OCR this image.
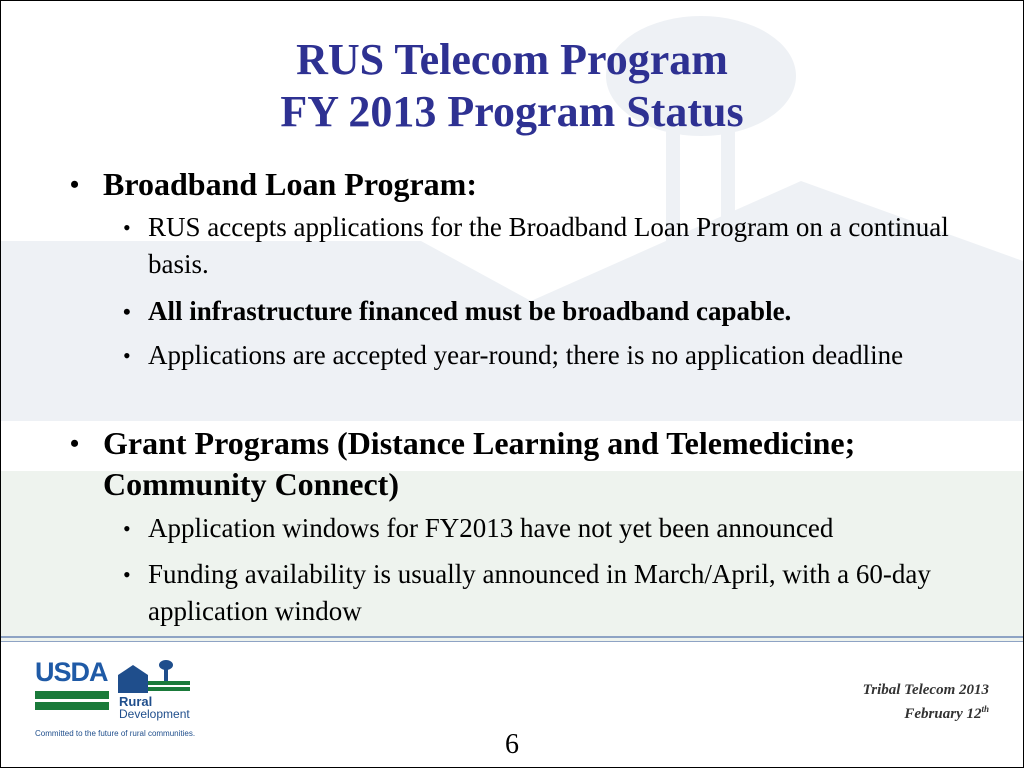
RUS Telecom Program
FY 2013 Program Status
• Broadband Loan Program:
• RUS accepts applications for the Broadband Loan Program on a continual basis.
• All infrastructure financed must be broadband capable.
• Applications are accepted year-round; there is no application deadline
• Grant Programs (Distance Learning and Telemedicine; Community Connect)
• Application windows for FY2013 have not yet been announced
• Funding availability is usually announced in March/April, with a 60-day application window
USDA
Rural
Development
Committed to the future of rural communities.
Tribal Telecom 2013
February 12th
6
